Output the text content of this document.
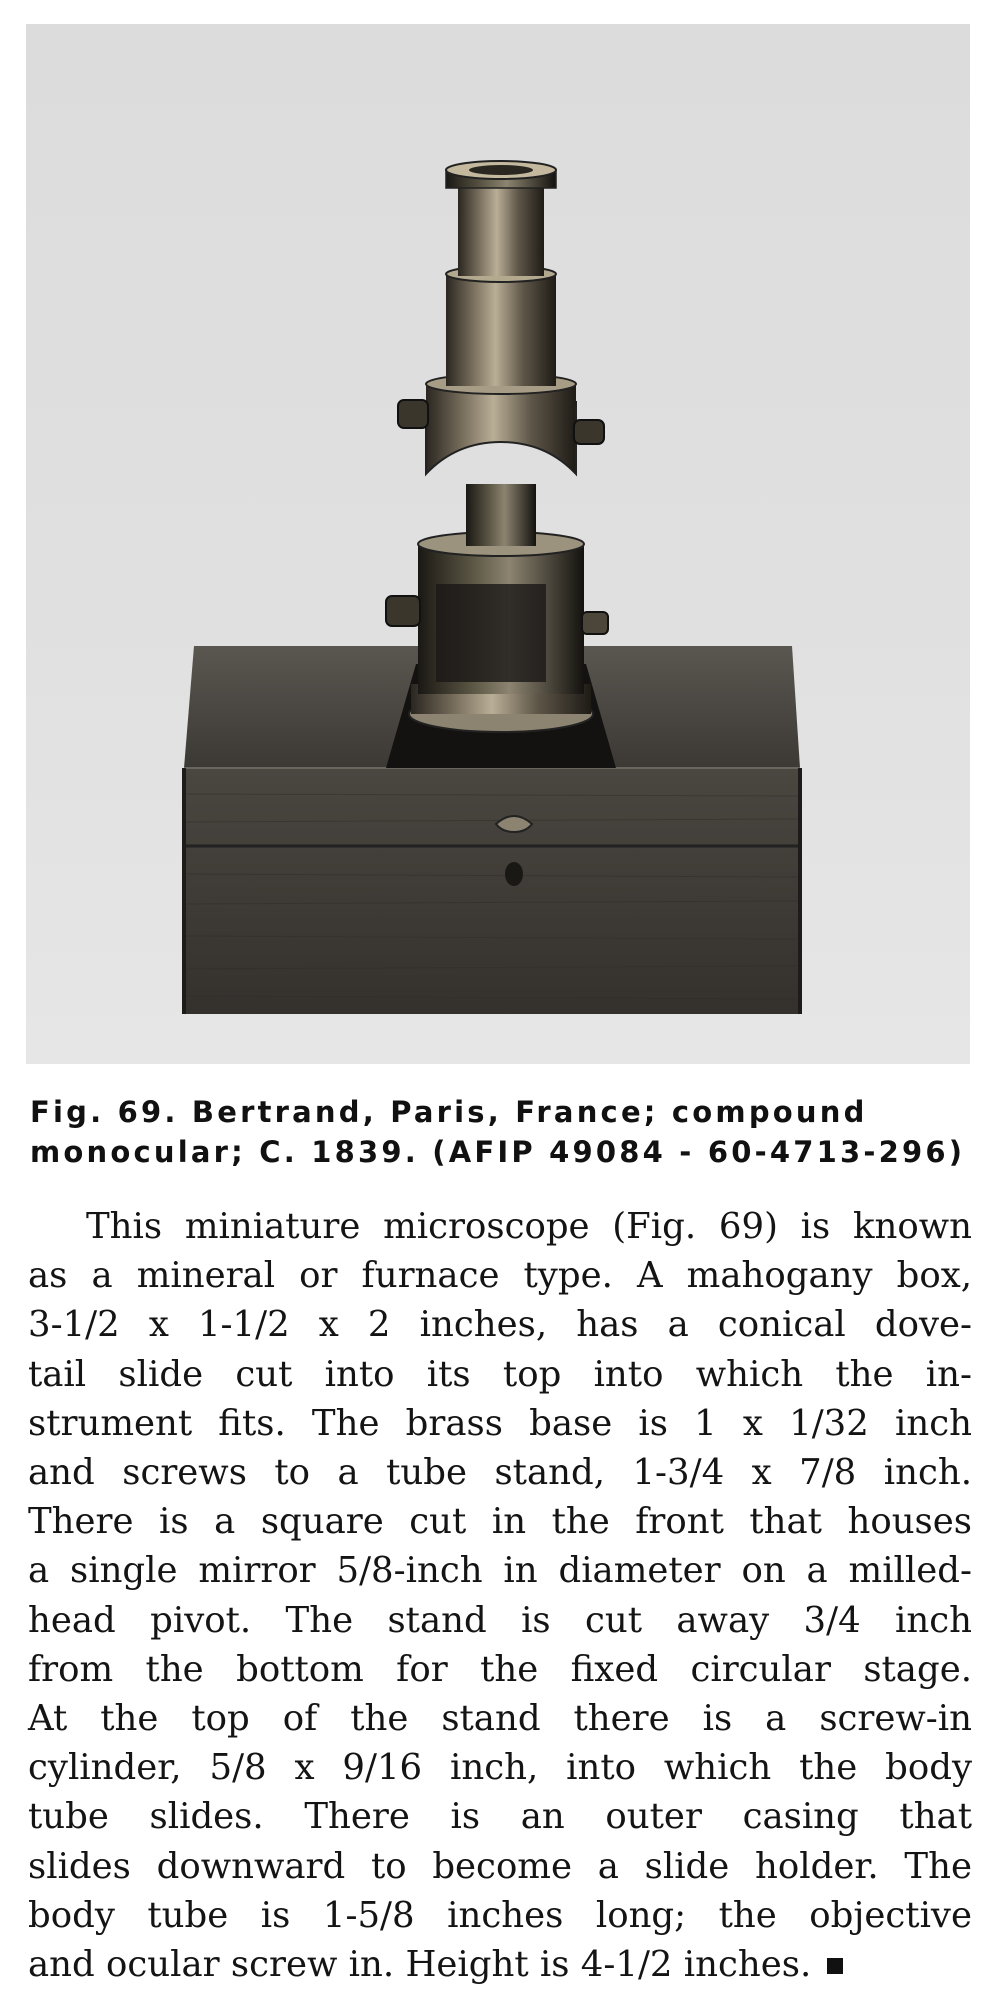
Fig. 69. Bertrand, Paris, France; compound
monocular; C. 1839. (AFIP 49084 - 60-4713-296)
This miniature microscope (Fig. 69) is known
as a mineral or furnace type. A mahogany box,
3-1/2 x 1-1/2 x 2 inches, has a conical dove-
tail slide cut into its top into which the in-
strument fits. The brass base is 1 x 1/32 inch
and screws to a tube stand, 1-3/4 x 7/8 inch.
There is a square cut in the front that houses
a single mirror 5/8-inch in diameter on a milled-
head pivot. The stand is cut away 3/4 inch
from the bottom for the fixed circular stage.
At the top of the stand there is a screw-in
cylinder, 5/8 x 9/16 inch, into which the body
tube slides. There is an outer casing that
slides downward to become a slide holder. The
body tube is 1-5/8 inches long; the objective
and ocular screw in. Height is 4-1/2 inches.
